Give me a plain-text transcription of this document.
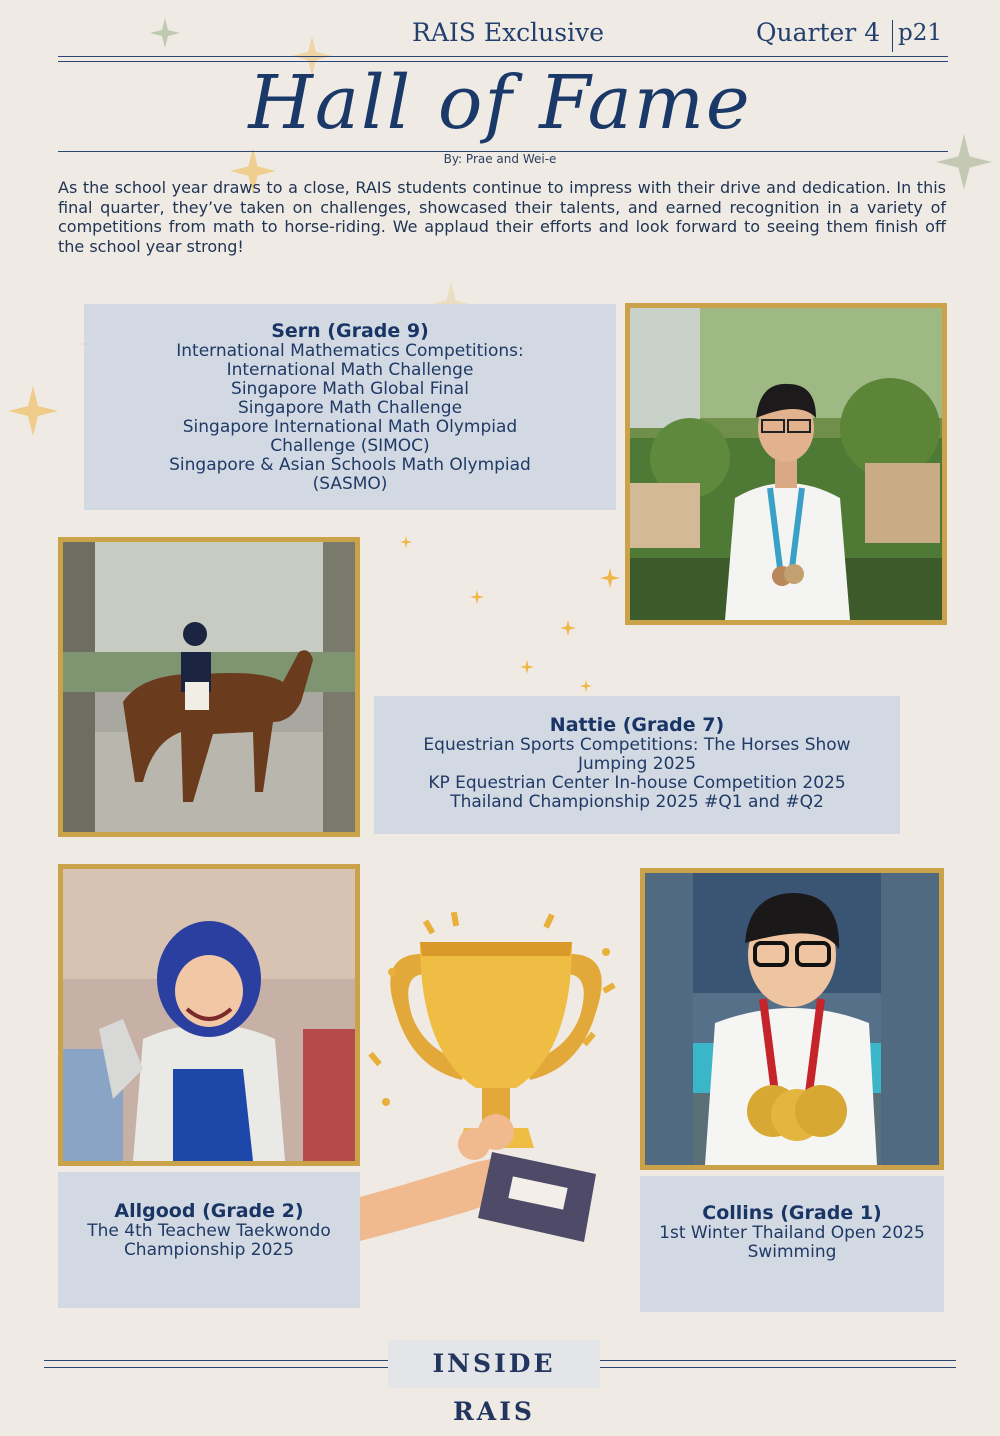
RAIS Exclusive	Quarter 4 p21
Hall of Fame
By: Prae and Wei-e

As the school year draws to a close, RAIS students continue to impress with their drive and dedication. In this final quarter, they’ve taken on challenges, showcased their talents, and earned recognition in a variety of competitions from math to horse-riding. We applaud their efforts and look forward to seeing them finish off the school year strong!

Sern (Grade 9)
International Mathematics Competitions:
International Math Challenge
Singapore Math Global Final
Singapore Math Challenge
Singapore International Math Olympiad
Challenge (SIMOC)
Singapore & Asian Schools Math Olympiad
(SASMO)
Nattie (Grade 7)
Equestrian Sports Competitions: The Horses Show
Jumping 2025
KP Equestrian Center In-house Competition 2025
Thailand Championship 2025 #Q1 and #Q2
Allgood (Grade 2)
The 4th Teachew Taekwondo
Championship 2025
Collins (Grade 1)
1st Winter Thailand Open 2025
Swimming
INSIDE RAIS
